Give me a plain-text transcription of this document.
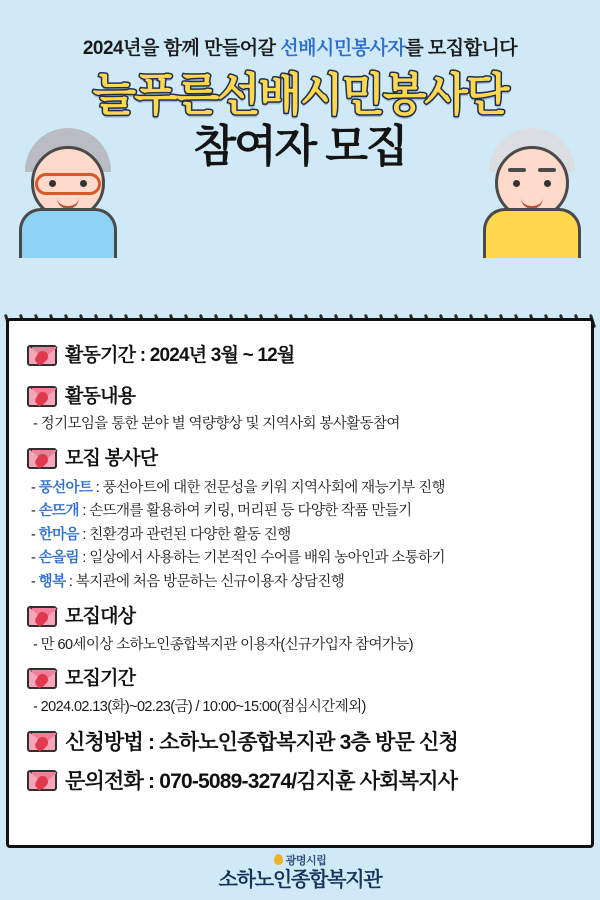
2024년을 함께 만들어갈 선배시민봉사자를 모집합니다
늘푸른선배시민봉사단
참여자 모집
활동기간 : 2024년 3월 ~ 12월
활동내용
- 정기모임을 통한 분야 별 역량향상 및 지역사회 봉사활동참여
모집 봉사단
- 풍선아트 : 풍선아트에 대한 전문성을 키워 지역사회에 재능기부 진행
- 손뜨개 : 손뜨개를 활용하여 키링, 머리핀 등 다양한 작품 만들기
- 한마음 : 친환경과 관련된 다양한 활동 진행
- 손올림 : 일상에서 사용하는 기본적인 수어를 배워 농아인과 소통하기
- 행복 : 복지관에 처음 방문하는 신규이용자 상담진행
모집대상
- 만 60세이상 소하노인종합복지관 이용자(신규가입자 참여가능)
모집기간
- 2024.02.13(화)~02.23(금) / 10:00~15:00(점심시간제외)
신청방법 : 소하노인종합복지관 3층 방문 신청
문의전화 : 070-5089-3274/김지훈 사회복지사
광명시립
소하노인종합복지관
